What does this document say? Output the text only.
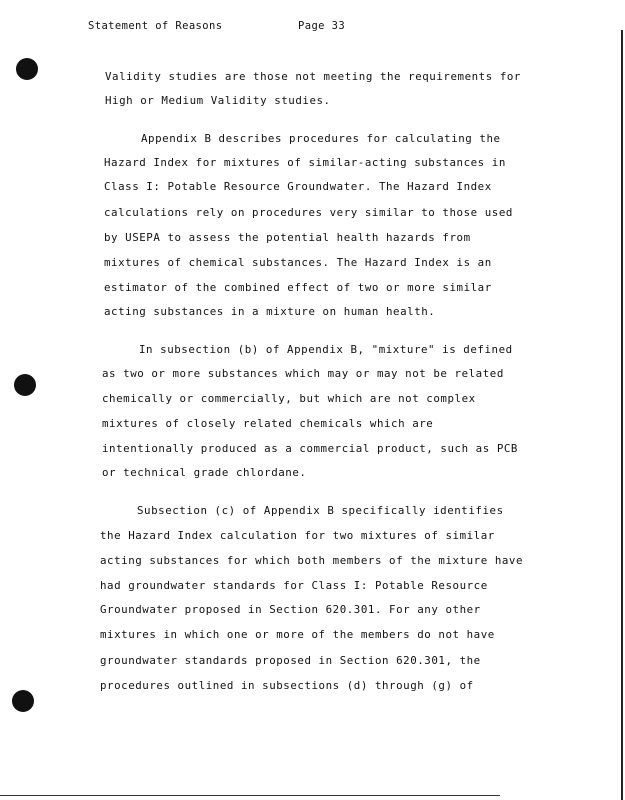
Statement of Reasons	Page 33
Validity studies are those not meeting the requirements for
High or Medium Validity studies.
Appendix B describes procedures for calculating the
Hazard Index for mixtures of similar-acting substances in
Class I: Potable Resource Groundwater. The Hazard Index
calculations rely on procedures very similar to those used
by USEPA to assess the potential health hazards from
mixtures of chemical substances. The Hazard Index is an
estimator of the combined effect of two or more similar
acting substances in a mixture on human health.
In subsection (b) of Appendix B, "mixture" is defined
as two or more substances which may or may not be related
chemically or commercially, but which are not complex
mixtures of closely related chemicals which are
intentionally produced as a commercial product, such as PCB
or technical grade chlordane.
Subsection (c) of Appendix B specifically identifies
the Hazard Index calculation for two mixtures of similar
acting substances for which both members of the mixture have
had groundwater standards for Class I: Potable Resource
Groundwater proposed in Section 620.301. For any other
mixtures in which one or more of the members do not have
groundwater standards proposed in Section 620.301, the
procedures outlined in subsections (d) through (g) of
